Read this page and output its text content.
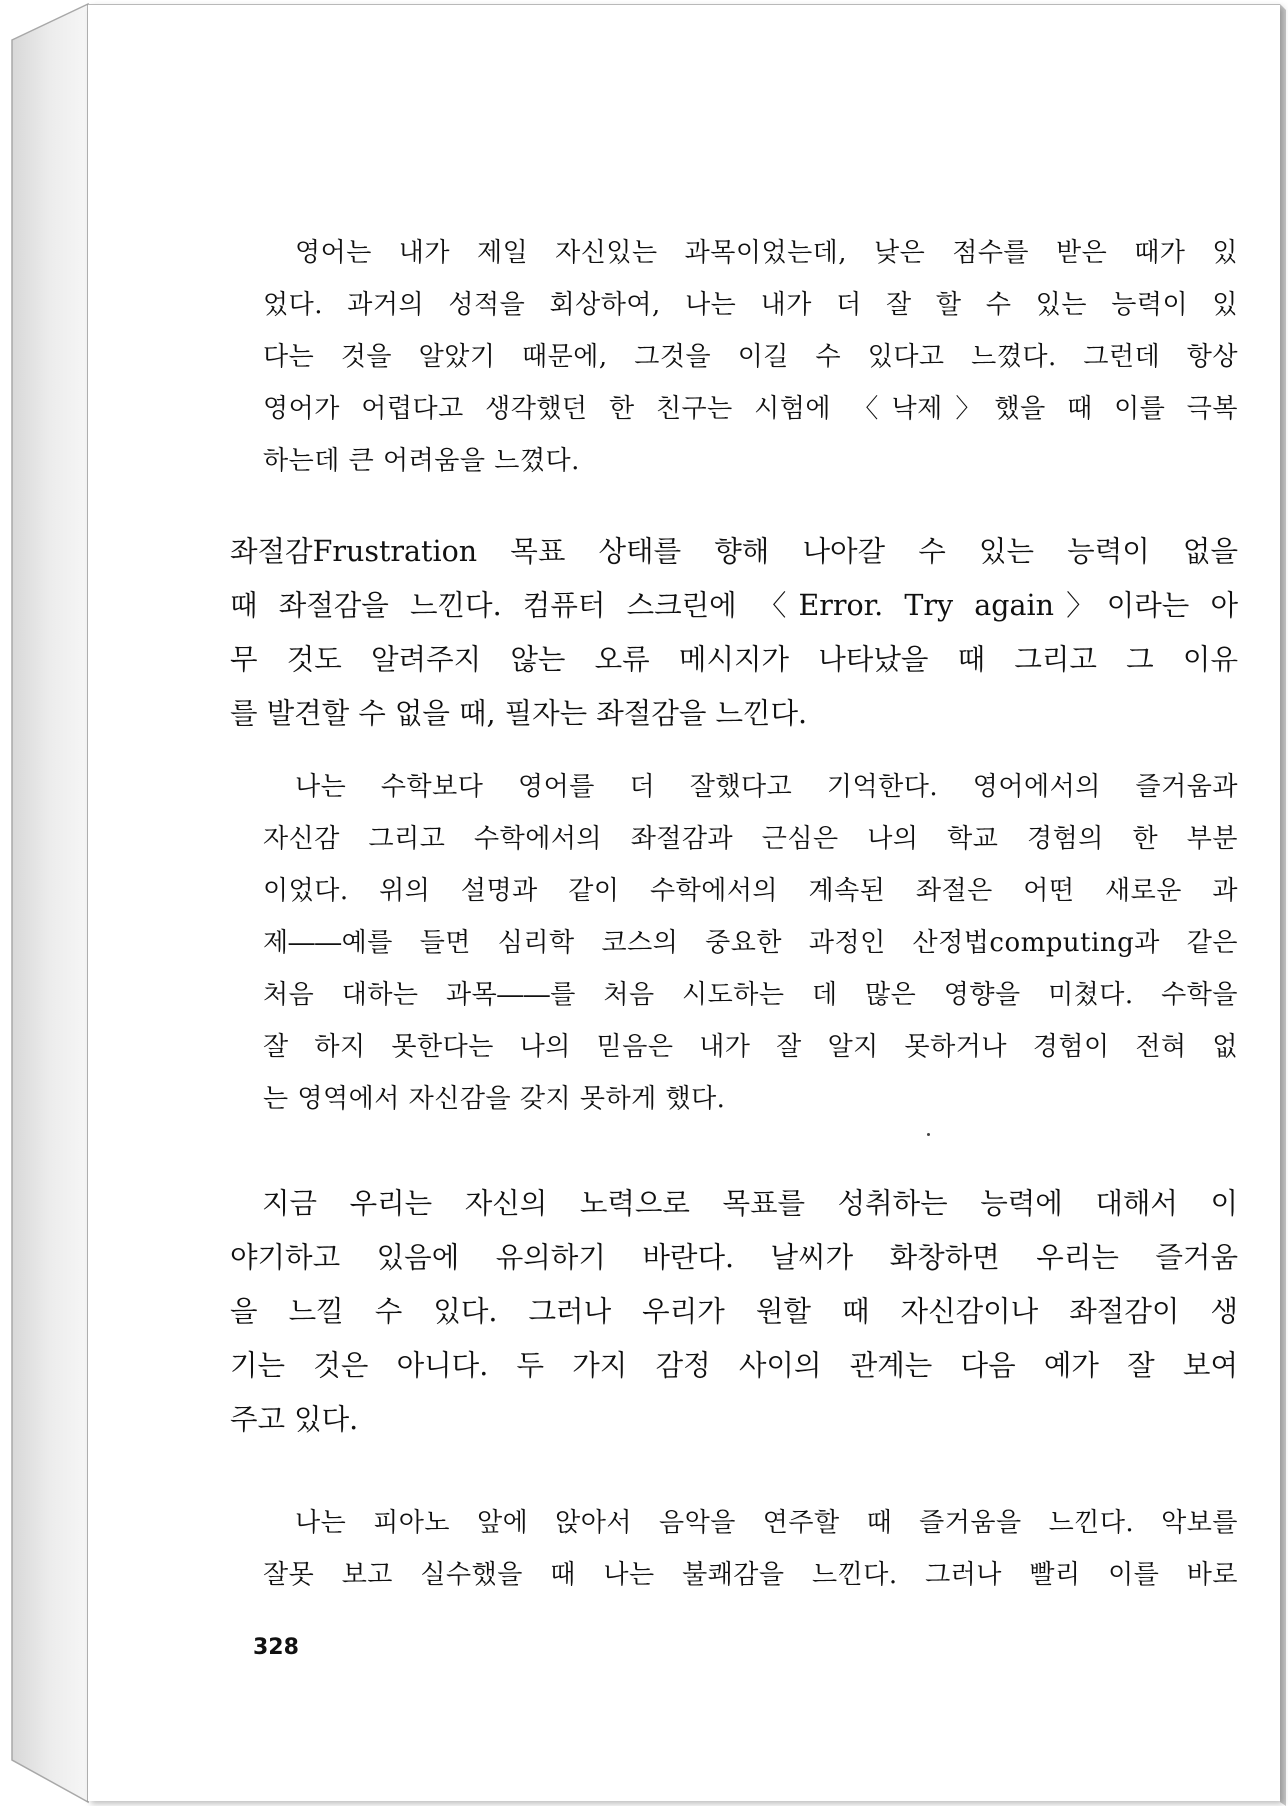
영어는 내가 제일 자신있는 과목이었는데, 낮은 점수를 받은 때가 있
었다. 과거의 성적을 회상하여, 나는 내가 더 잘 할 수 있는 능력이 있
다는 것을 알았기 때문에, 그것을 이길 수 있다고 느꼈다. 그런데 항상
영어가 어렵다고 생각했던 한 친구는 시험에 〈낙제〉했을 때 이를 극복
하는데 큰 어려움을 느꼈다.
좌절감Frustration 목표 상태를 향해 나아갈 수 있는 능력이 없을
때 좌절감을 느낀다. 컴퓨터 스크린에 〈Error. Try again〉이라는 아
무 것도 알려주지 않는 오류 메시지가 나타났을 때 그리고 그 이유
를 발견할 수 없을 때, 필자는 좌절감을 느낀다.
나는 수학보다 영어를 더 잘했다고 기억한다. 영어에서의 즐거움과
자신감 그리고 수학에서의 좌절감과 근심은 나의 학교 경험의 한 부분
이었다. 위의 설명과 같이 수학에서의 계속된 좌절은 어떤 새로운 과
제――예를 들면 심리학 코스의 중요한 과정인 산정법computing과 같은
처음 대하는 과목――를 처음 시도하는 데 많은 영향을 미쳤다. 수학을
잘 하지 못한다는 나의 믿음은 내가 잘 알지 못하거나 경험이 전혀 없
는 영역에서 자신감을 갖지 못하게 했다.
지금 우리는 자신의 노력으로 목표를 성취하는 능력에 대해서 이
야기하고 있음에 유의하기 바란다. 날씨가 화창하면 우리는 즐거움
을 느낄 수 있다. 그러나 우리가 원할 때 자신감이나 좌절감이 생
기는 것은 아니다. 두 가지 감정 사이의 관계는 다음 예가 잘 보여
주고 있다.
나는 피아노 앞에 앉아서 음악을 연주할 때 즐거움을 느낀다. 악보를
잘못 보고 실수했을 때 나는 불쾌감을 느낀다. 그러나 빨리 이를 바로
328
